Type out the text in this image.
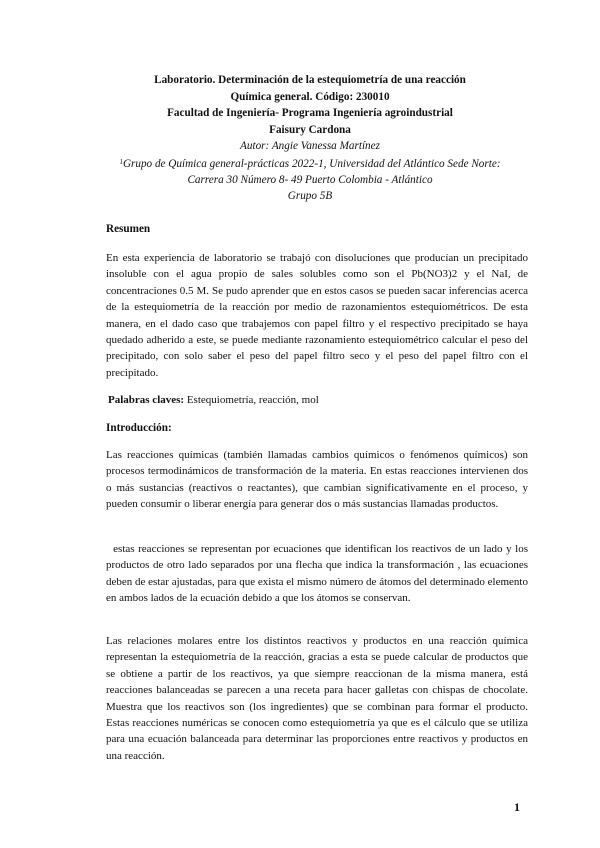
Laboratorio. Determinación de la estequiometría de una reacción
Química general. Código: 230010
Facultad de Ingeniería- Programa Ingeniería agroindustrial
Faisury Cardona
Autor: Angie Vanessa Martínez
$^1$Grupo de Química general-prácticas 2022-1, Universidad del Atlántico Sede Norte:
Carrera 30 Número 8- 49 Puerto Colombia - Atlántico
Grupo 5B
Resumen

En esta experiencia de laboratorio se trabajó con disoluciones que producían un precipitado insoluble con el agua propio de sales solubles como son el Pb(NO3)2 y el NaI, de concentraciones 0.5 M. Se pudo aprender que en estos casos se pueden sacar inferencias acerca de la estequiometría de la reacción por medio de razonamientos estequiométricos. De esta manera, en el dado caso que trabajemos con papel filtro y el respectivo precipitado se haya quedado adherido a este, se puede mediante razonamiento estequiométrico calcular el peso del precipitado, con solo saber el peso del papel filtro seco y el peso del papel filtro con el precipitado.

Palabras claves: Estequiometría, reacción, mol
Introducción:

Las reacciones químicas (también llamadas cambios químicos o fenómenos químicos) son procesos termodinámicos de transformación de la materia. En estas reacciones intervienen dos o más sustancias (reactivos o reactantes), que cambian significativamente en el proceso, y pueden consumir o liberar energía para generar dos o más sustancias llamadas productos.

estas reacciones se representan por ecuaciones que identifican los reactivos de un lado y los productos de otro lado separados por una flecha que indica la transformación , las ecuaciones deben de estar ajustadas, para que exista el mismo número de átomos del determinado elemento en ambos lados de la ecuación debido a que los átomos se conservan.

Las relaciones molares entre los distintos reactivos y productos en una reacción química representan la estequiometría de la reacción, gracias a esta se puede calcular de productos que se obtiene a partir de los reactivos, ya que siempre reaccionan de la misma manera, está reacciones balanceadas se parecen a una receta para hacer galletas con chispas de chocolate. Muestra que los reactivos son (los ingredientes) que se combinan para formar el producto. Estas reacciones numéricas se conocen como estequiometría ya que es el cálculo que se utiliza para una ecuación balanceada para determinar las proporciones entre reactivos y productos en una reacción.

1
